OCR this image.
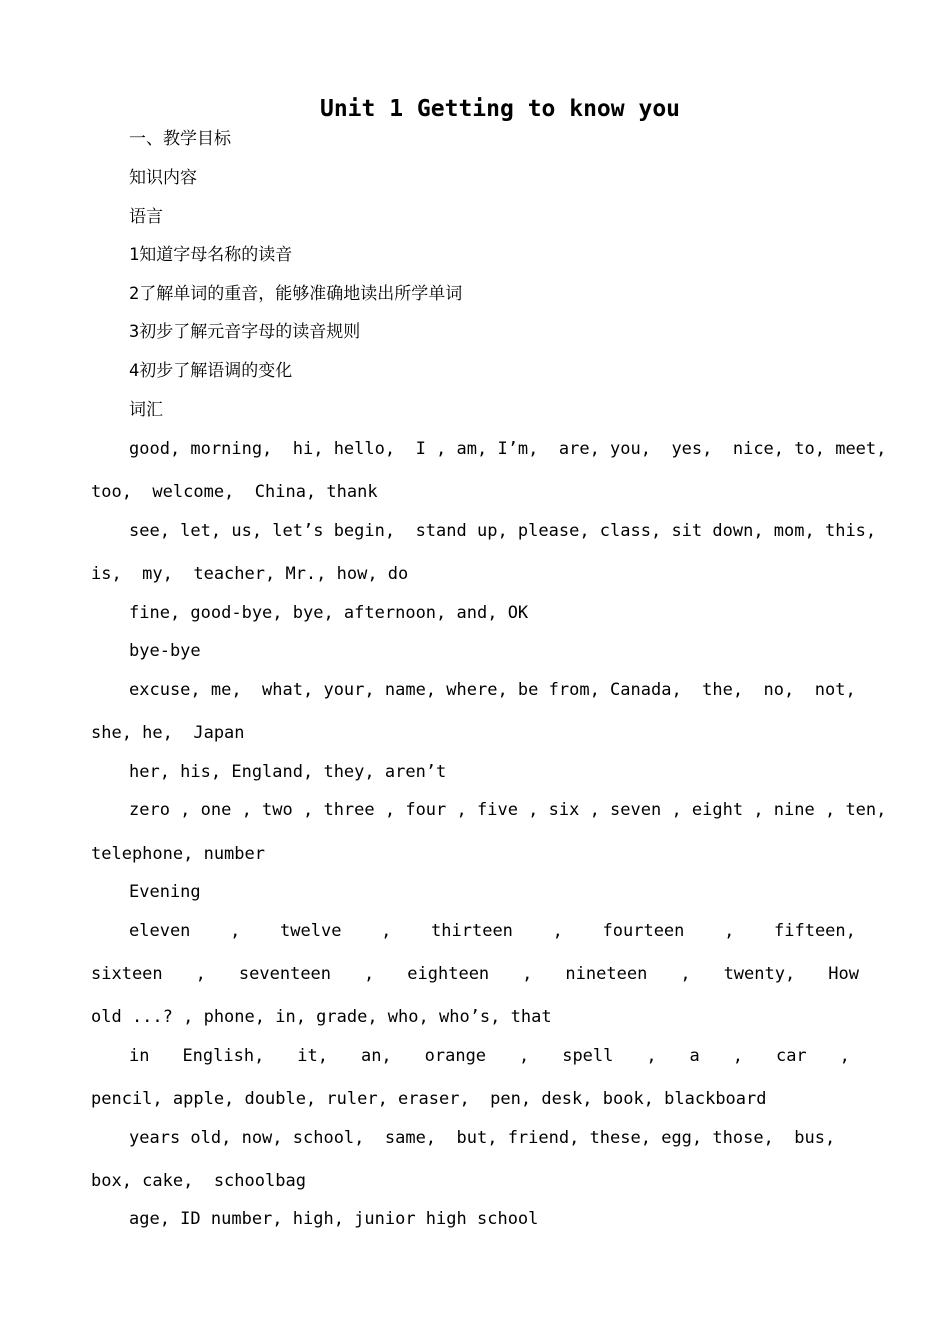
Unit 1 Getting to know you

一、教学目标

知识内容

语言

1知道字母名称的读音

2了解单词的重音，能够准确地读出所学单词

3初步了解元音字母的读音规则

4初步了解语调的变化

词汇

good, morning,  hi, hello,  I , am, I’m,  are, you,  yes,  nice, to, meet,

too,  welcome,  China, thank

see, let, us, let’s begin,  stand up, please, class, sit down, mom, this,

is,  my,  teacher, Mr., how, do

fine, good-bye, bye, afternoon, and, OK

bye-bye

excuse, me,  what, your, name, where, be from, Canada,  the,  no,  not,

she, he,  Japan

her, his, England, they, aren’t

zero , one , two , three , four , five , six , seven , eight , nine , ten,

telephone, number

Evening

eleven , twelve , thirteen , fourteen , fifteen,
sixteen , seventeen , eighteen , nineteen , twenty, How

old ...? , phone, in, grade, who, who’s, that

in English, it, an, orange , spell , a , car ,

pencil, apple, double, ruler, eraser,  pen, desk, book, blackboard

years old, now, school,  same,  but, friend, these, egg, those,  bus,

box, cake,  schoolbag

age, ID number, high, junior high school
